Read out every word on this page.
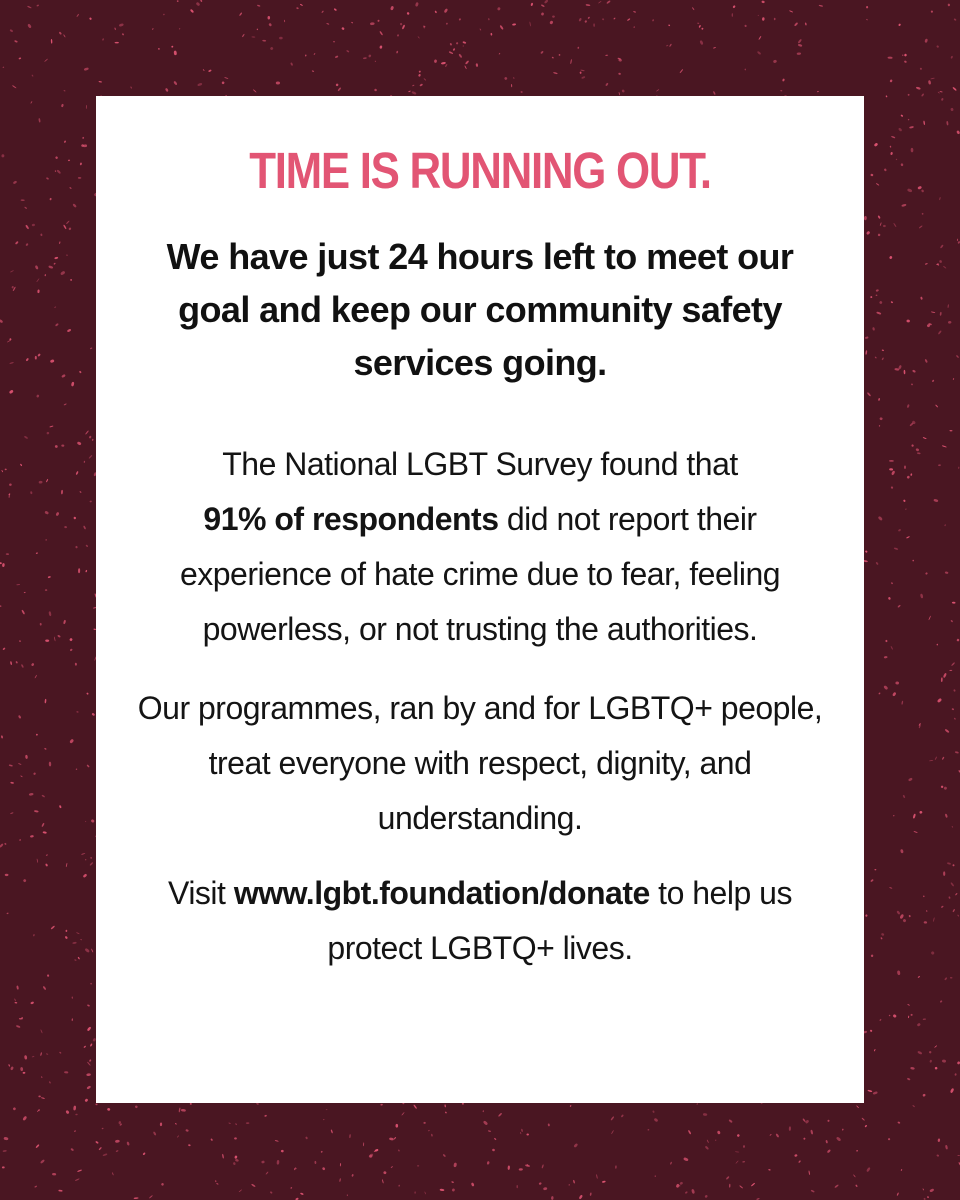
TIME IS RUNNING OUT.

We have just 24 hours left to meet our goal and keep our community safety services going.

The National LGBT Survey found that
91% of respondents did not report their experience of hate crime due to fear, feeling powerless, or not trusting the authorities.

Our programmes, ran by and for LGBTQ+ people, treat everyone with respect, dignity, and understanding.

Visit www.lgbt.foundation/donate to help us protect LGBTQ+ lives.
